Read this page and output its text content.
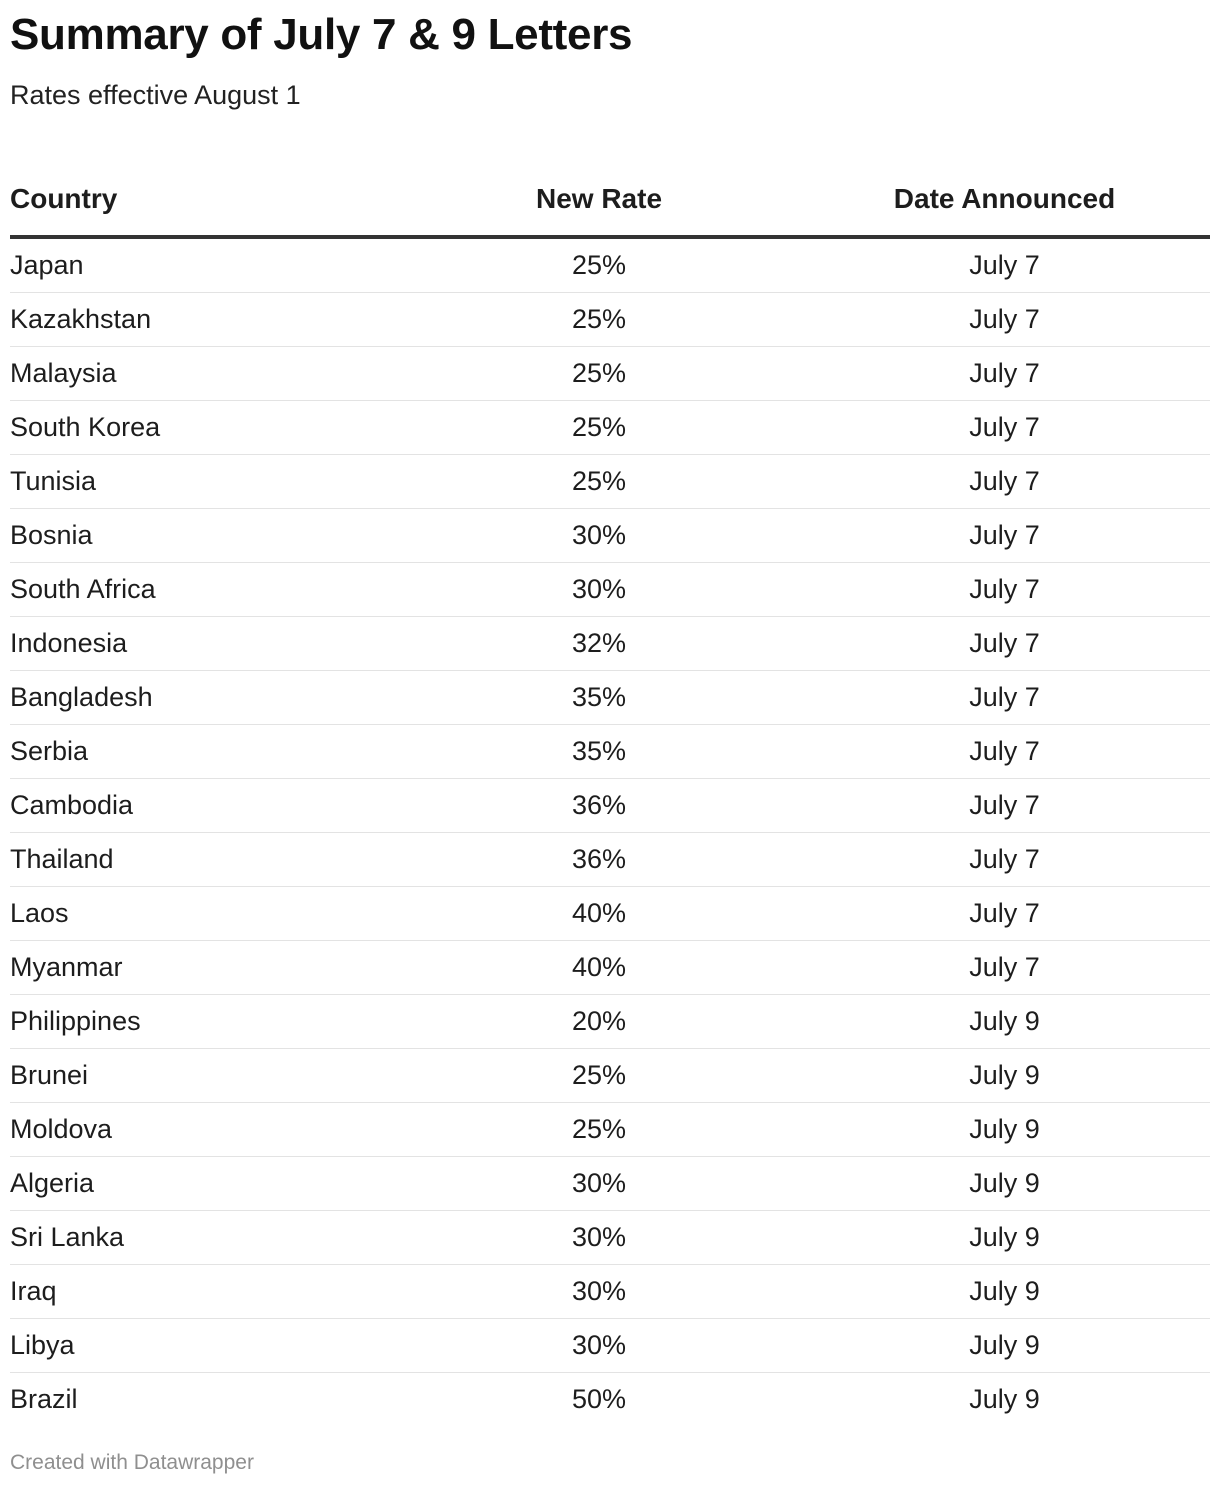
Summary of July 7 & 9 Letters

Rates effective August 1

Country	New Rate	Date Announced
Japan	25%	July 7
Kazakhstan	25%	July 7
Malaysia	25%	July 7
South Korea	25%	July 7
Tunisia	25%	July 7
Bosnia	30%	July 7
South Africa	30%	July 7
Indonesia	32%	July 7
Bangladesh	35%	July 7
Serbia	35%	July 7
Cambodia	36%	July 7
Thailand	36%	July 7
Laos	40%	July 7
Myanmar	40%	July 7
Philippines	20%	July 9
Brunei	25%	July 9
Moldova	25%	July 9
Algeria	30%	July 9
Sri Lanka	30%	July 9
Iraq	30%	July 9
Libya	30%	July 9
Brazil	50%	July 9
Created with Datawrapper
